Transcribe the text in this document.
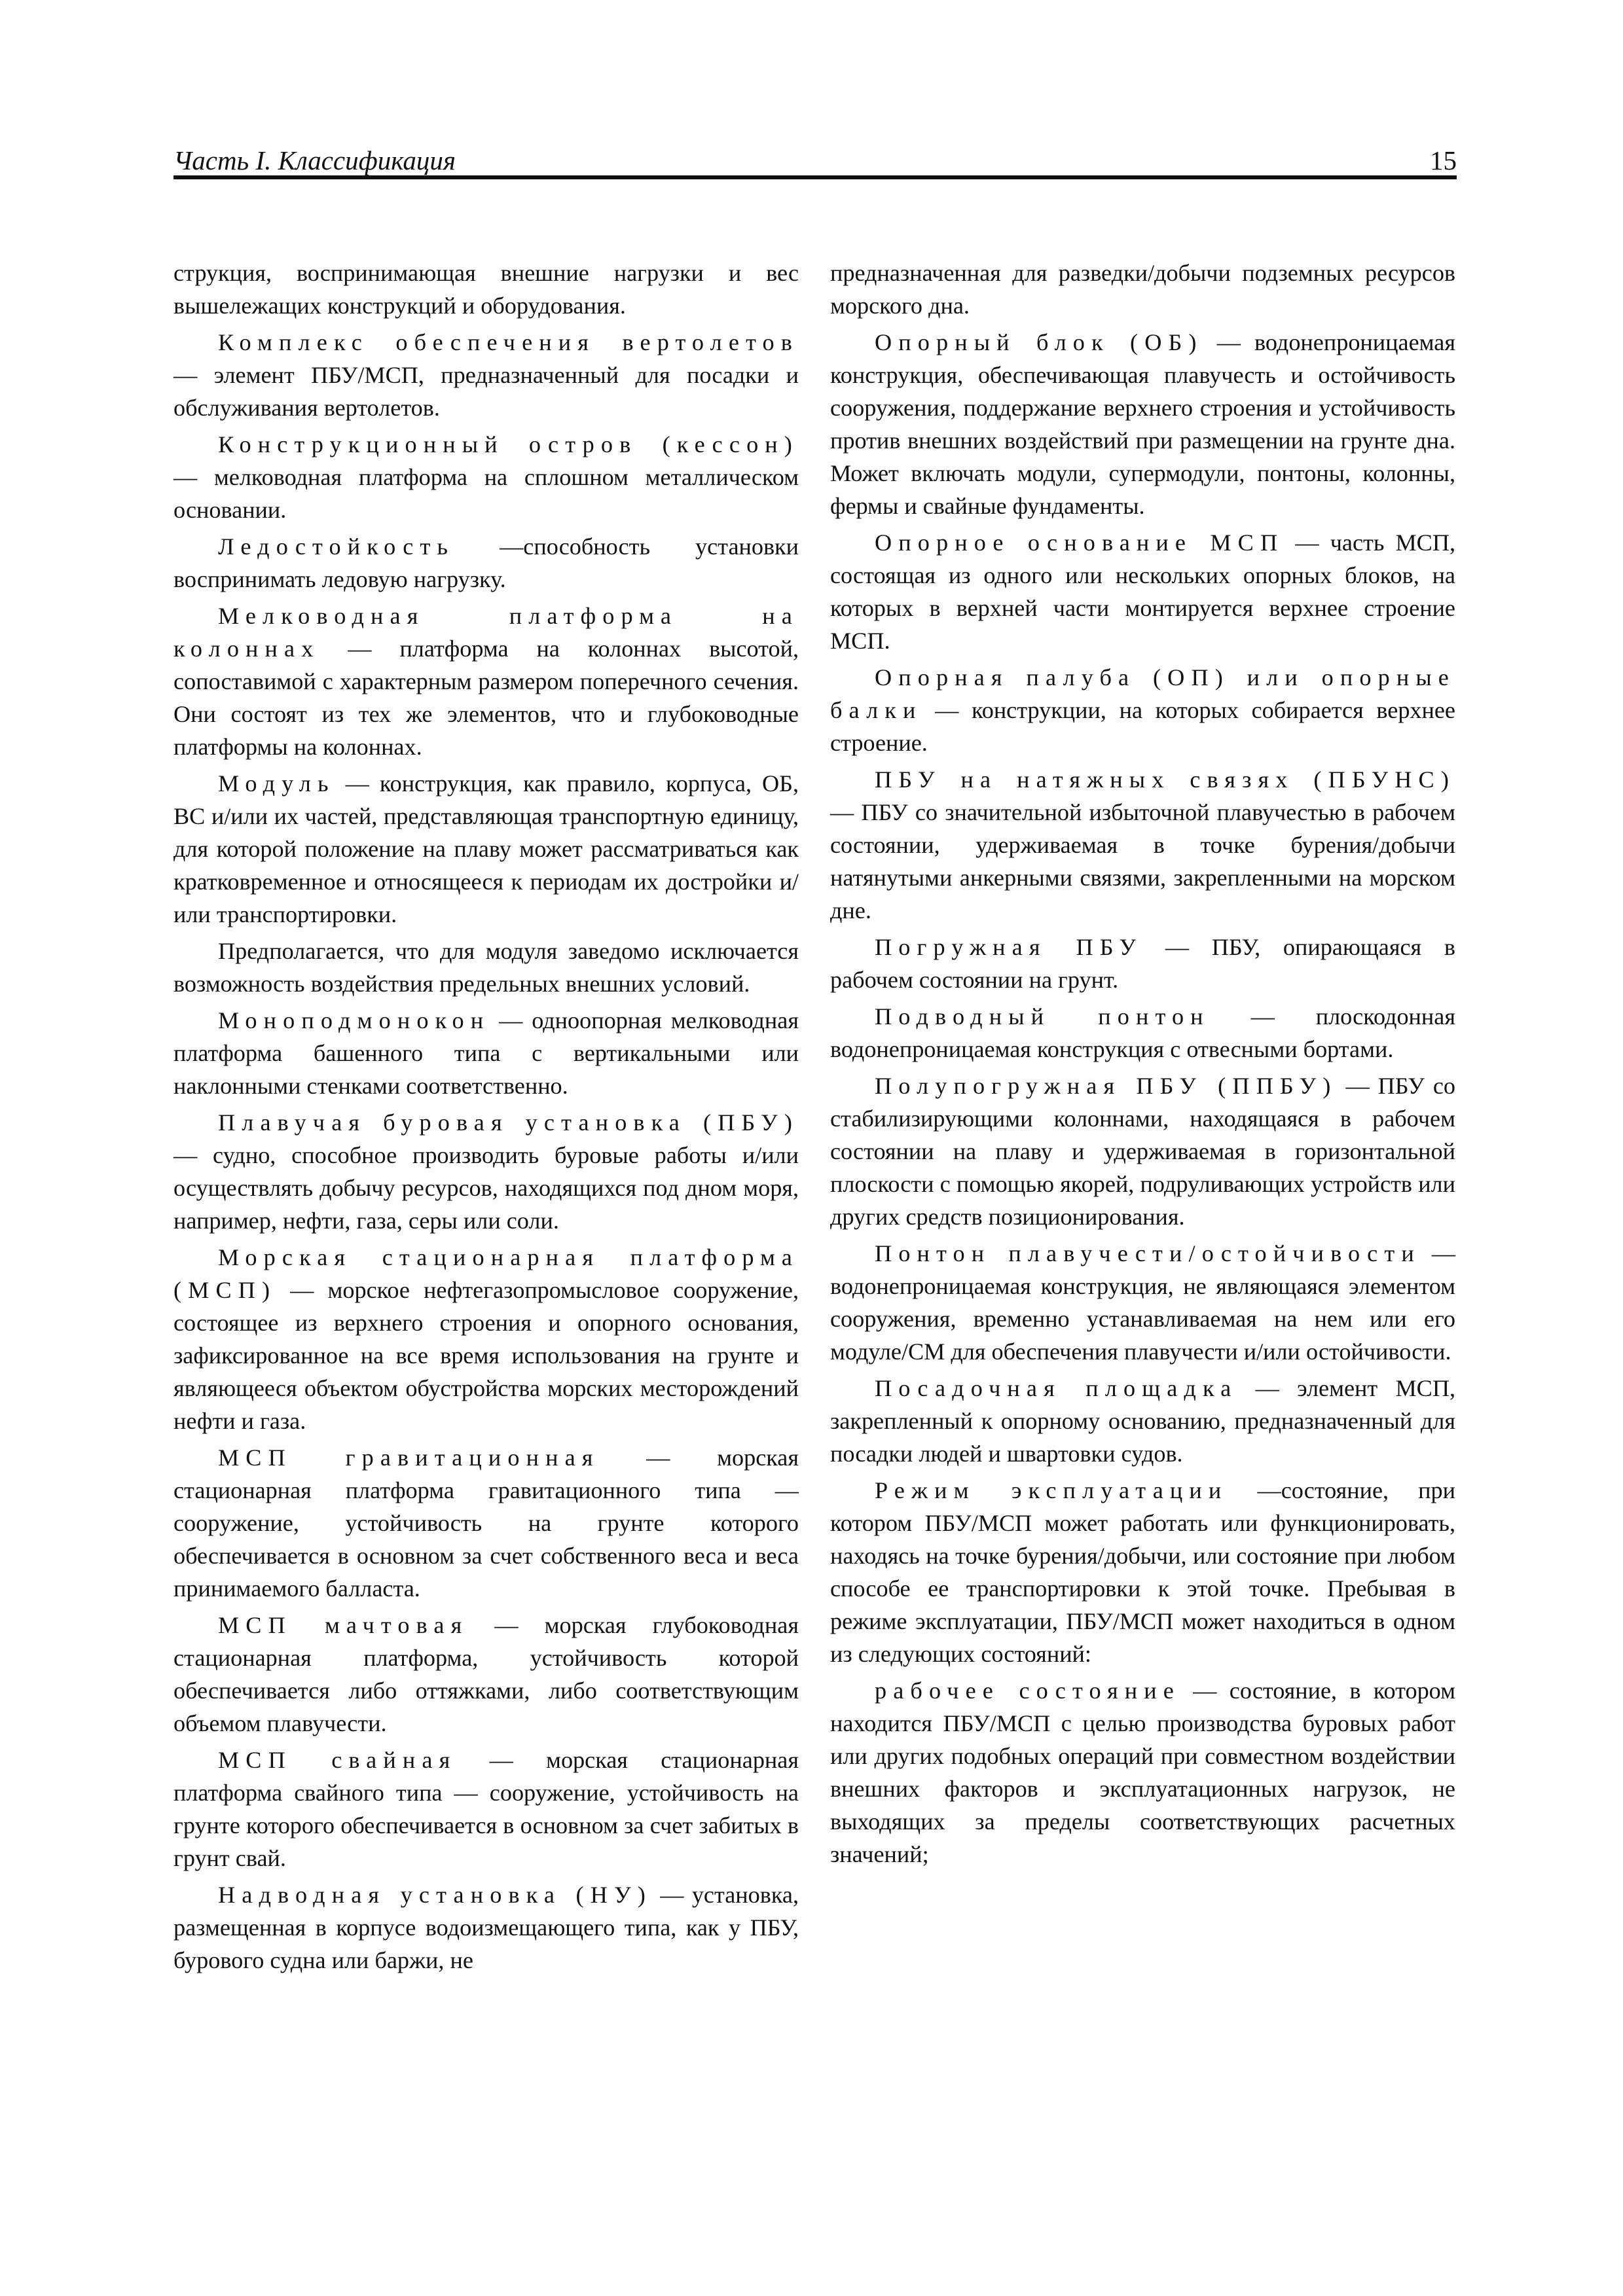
Часть I. Классификация	15

струкция, воспринимающая внешние нагрузки и вес вышележащих конструкций и оборудования.

Комплекс обеспечения вертолетов — элемент ПБУ/МСП, предназначенный для посадки и обслуживания вертолетов.

Конструкционный остров (кессон) — мелководная платформа на сплошном металлическом основании.

Ледостойкость —способность установки воспринимать ледовую нагрузку.

Мелководная платформа на колоннах — платформа на колоннах высотой, сопоставимой с характерным размером поперечного сечения. Они состоят из тех же элементов, что и глубоководные платформы на колоннах.

Модуль — конструкция, как правило, корпуса, ОБ, ВС и/или их частей, представляющая транспортную единицу, для которой положение на плаву может рассматриваться как кратковременное и относящееся к периодам их достройки и/или транспортировки.

Предполагается, что для модуля заведомо исключается возможность воздействия предельных внешних условий.

Моноподмонокон — одноопорная мелководная платформа башенного типа с вертикальными или наклонными стенками соответственно.

Плавучая буровая установка (ПБУ) — судно, способное производить буровые работы и/или осуществлять добычу ресурсов, находящихся под дном моря, например, нефти, газа, серы или соли.

Морская стационарная платформа (МСП) — морское нефтегазопромысловое сооружение, состоящее из верхнего строения и опорного основания, зафиксированное на все время использования на грунте и являющееся объектом обустройства морских месторождений нефти и газа.

МСП гравитационная — морская стационарная платформа гравитационного типа — сооружение, устойчивость на грунте которого обеспечивается в основном за счет собственного веса и веса принимаемого балласта.

МСП мачтовая — морская глубоководная стационарная платформа, устойчивость которой обеспечивается либо оттяжками, либо соответствующим объемом плавучести.

МСП свайная — морская стационарная платформа свайного типа — сооружение, устойчивость на грунте которого обеспечивается в основном за счет забитых в грунт свай.

Надводная установка (НУ) — установка, размещенная в корпусе водоизмещающего типа, как у ПБУ, бурового судна или баржи, не

предназначенная для разведки/добычи подземных ресурсов морского дна.

Опорный блок (ОБ) — водонепроницаемая конструкция, обеспечивающая плавучесть и остойчивость сооружения, поддержание верхнего строения и устойчивость против внешних воздействий при размещении на грунте дна. Может включать модули, супермодули, понтоны, колонны, фермы и свайные фундаменты.

Опорное основание МСП — часть МСП, состоящая из одного или нескольких опорных блоков, на которых в верхней части монтируется верхнее строение МСП.

Опорная палуба (ОП) или опорные балки — конструкции, на которых собирается верхнее строение.

ПБУ на натяжных связях (ПБУНС) — ПБУ со значительной избыточной плавучестью в рабочем состоянии, удерживаемая в точке бурения/добычи натянутыми анкерными связями, закрепленными на морском дне.

Погружная ПБУ — ПБУ, опирающаяся в рабочем состоянии на грунт.

Подводный понтон — плоскодонная водонепроницаемая конструкция с отвесными бортами.

Полупогружная ПБУ (ППБУ) — ПБУ со стабилизирующими колоннами, находящаяся в рабочем состоянии на плаву и удерживаемая в горизонтальной плоскости с помощью якорей, подруливающих устройств или других средств позиционирования.

Понтон плавучести/остойчивости — водонепроницаемая конструкция, не являющаяся элементом сооружения, временно устанавливаемая на нем или его модуле/СМ для обеспечения плавучести и/или остойчивости.

Посадочная площадка — элемент МСП, закрепленный к опорному основанию, предназначенный для посадки людей и швартовки судов.

Режим эксплуатации —состояние, при котором ПБУ/МСП может работать или функционировать, находясь на точке бурения/добычи, или состояние при любом способе ее транспортировки к этой точке. Пребывая в режиме эксплуатации, ПБУ/МСП может находиться в одном из следующих состояний:

рабочее состояние — состояние, в котором находится ПБУ/МСП с целью производства буровых работ или других подобных операций при совместном воздействии внешних факторов и эксплуатационных нагрузок, не выходящих за пределы соответствующих расчетных значений;
